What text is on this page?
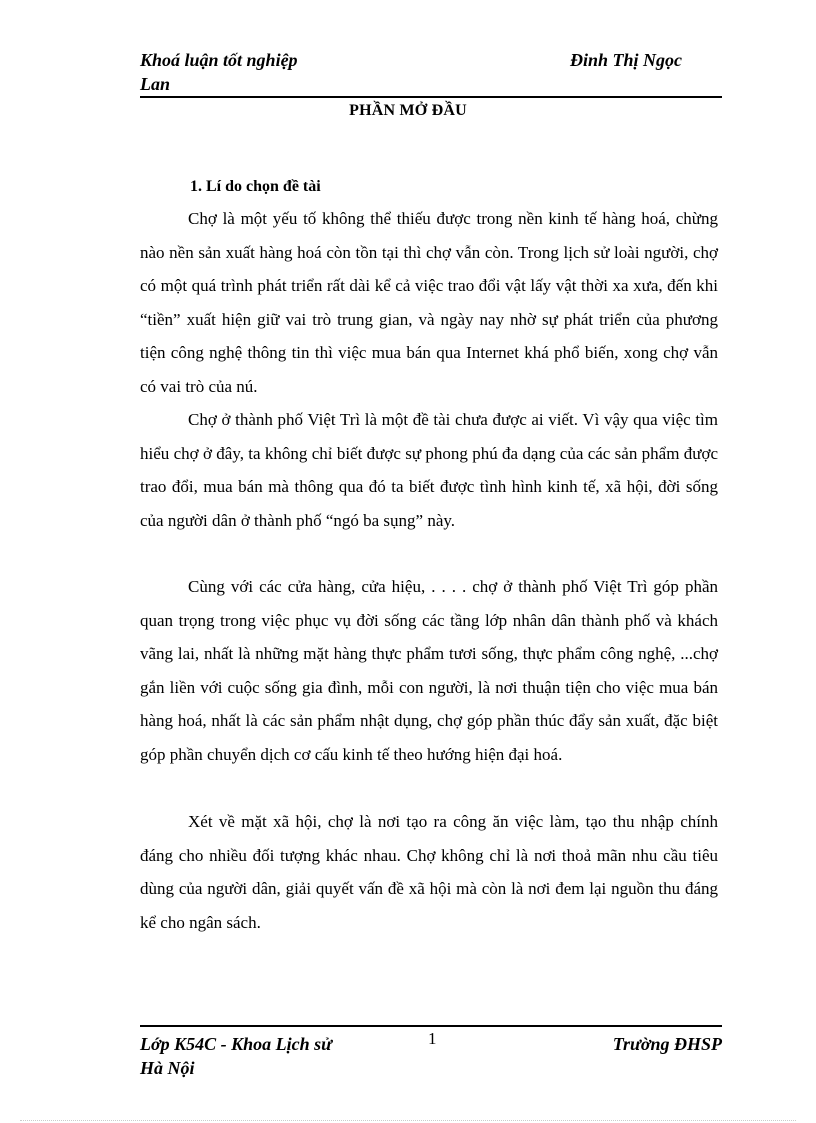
Khoá luận tốt nghiệp
Lan
Đinh Thị Ngọc
PHẦN MỞ ĐẦU
1. Lí do chọn đề tài

Chợ là một yếu tố không thể thiếu được trong nền kinh tế hàng hoá, chừng nào nền sản xuất hàng hoá còn tồn tại thì chợ vẫn còn. Trong lịch sử loài người, chợ có một quá trình phát triển rất dài kể cả việc trao đổi vật lấy vật thời xa xưa, đến khi “tiền” xuất hiện giữ vai trò trung gian, và ngày nay nhờ sự phát triển của phương tiện công nghệ thông tin thì việc mua bán qua Internet khá phổ biến, xong chợ vẫn có vai trò của nú.

Chợ ở thành phố Việt Trì là một đề tài chưa được ai viết. Vì vậy qua việc tìm hiểu chợ ở đây, ta không chỉ biết được sự phong phú đa dạng của các sản phẩm được trao đổi, mua bán mà thông qua đó ta biết được tình hình kinh tế, xã hội, đời sống của người dân ở thành phố “ngó ba sụng” này.

Cùng với các cửa hàng, cửa hiệu, . . . . chợ ở thành phố Việt Trì góp phần quan trọng trong việc phục vụ đời sống các tầng lớp nhân dân thành phố và khách vãng lai, nhất là những mặt hàng thực phẩm tươi sống, thực phẩm công nghệ, ...chợ gắn liền với cuộc sống gia đình, mỗi con người, là nơi thuận tiện cho việc mua bán hàng hoá, nhất là các sản phẩm nhật dụng, chợ góp phần thúc đẩy sản xuất, đặc biệt góp phần chuyển dịch cơ cấu kinh tế theo hướng hiện đại hoá.

Xét về mặt xã hội, chợ là nơi tạo ra công ăn việc làm, tạo thu nhập chính đáng cho nhiều đối tượng khác nhau. Chợ không chỉ là nơi thoả mãn nhu cầu tiêu dùng của người dân, giải quyết vấn đề xã hội mà còn là nơi đem lại nguồn thu đáng kể cho ngân sách.

Lớp K54C - Khoa Lịch sử
Hà Nội
1	Trường ĐHSP
